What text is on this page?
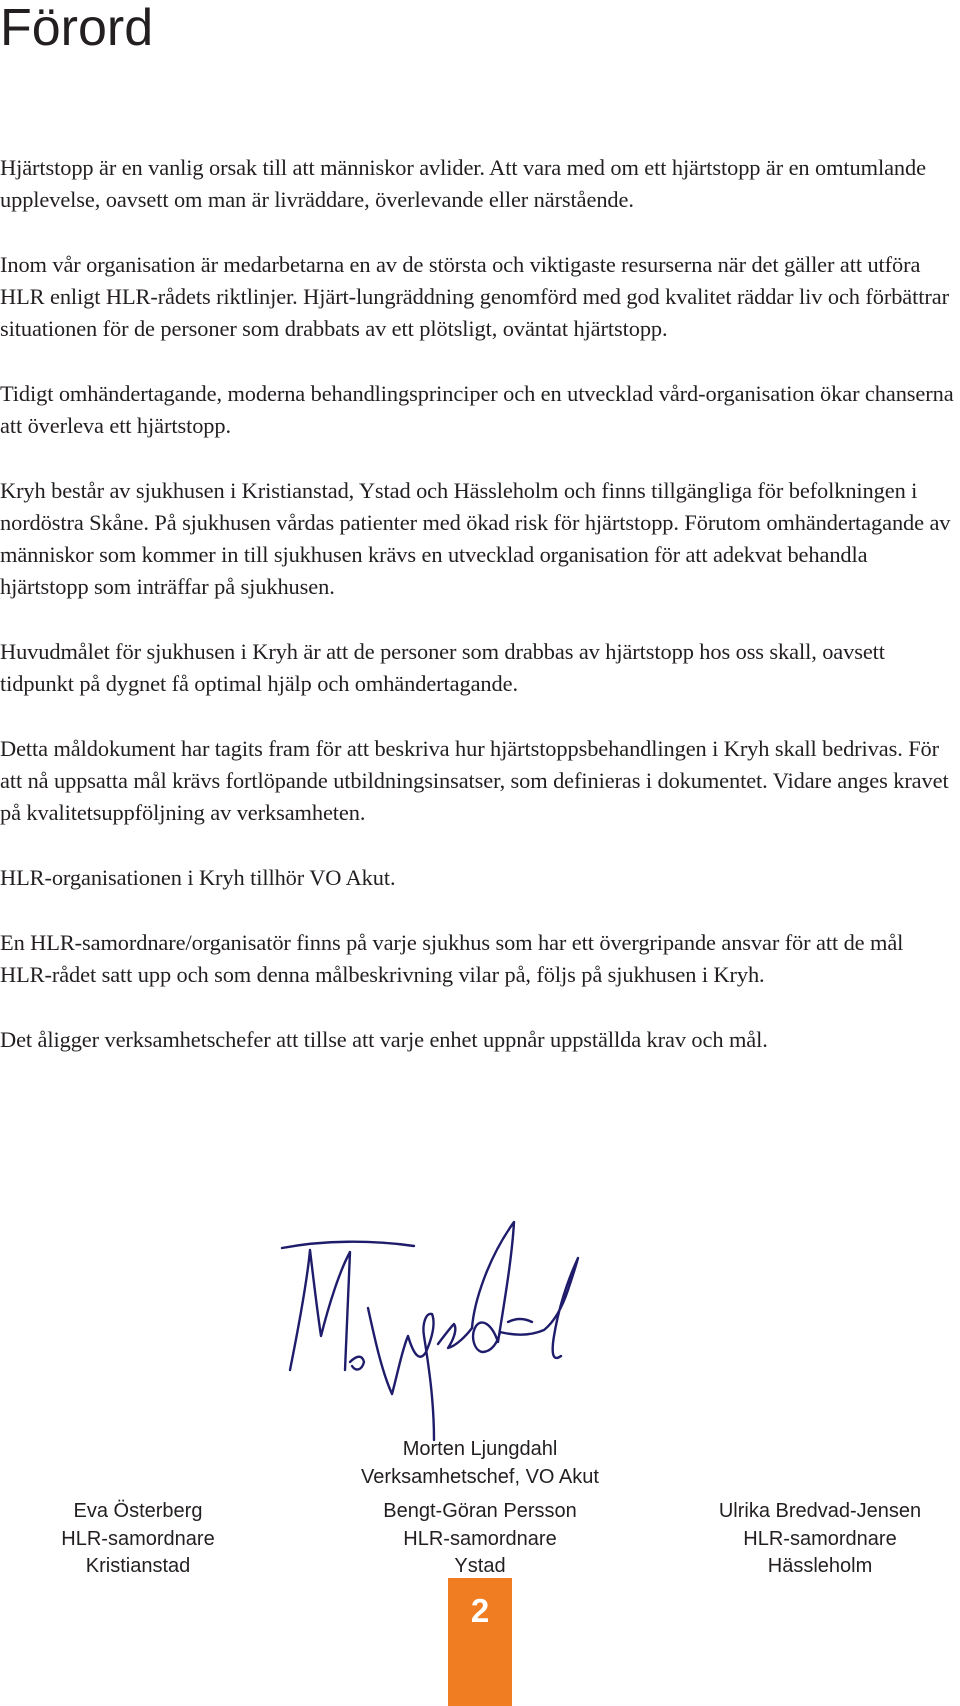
Förord

Hjärtstopp är en vanlig orsak till att människor avlider. Att vara med om ett hjärtstopp är en omtumlande upplevelse, oavsett om man är livräddare, överlevande eller närstående.

Inom vår organisation är medarbetarna en av de största och viktigaste resurserna när det gäller att utföra HLR enligt HLR-rådets riktlinjer. Hjärt-lungräddning genomförd med god kvalitet räddar liv och förbättrar situationen för de personer som drabbats av ett plötsligt, oväntat hjärtstopp.

Tidigt omhändertagande, moderna behandlingsprinciper och en utvecklad vård-organisation ökar chanserna att överleva ett hjärtstopp.

Kryh består av sjukhusen i Kristianstad, Ystad och Hässleholm och finns tillgängliga för befolkningen i nordöstra Skåne. På sjukhusen vårdas patienter med ökad risk för hjärtstopp. Förutom omhändertagande av människor som kommer in till sjukhusen krävs en utvecklad organisation för att adekvat behandla hjärtstopp som inträffar på sjukhusen.

Huvudmålet för sjukhusen i Kryh är att de personer som drabbas av hjärtstopp hos oss skall, oavsett tidpunkt på dygnet få optimal hjälp och omhändertagande.

Detta måldokument har tagits fram för att beskriva hur hjärtstoppsbehandlingen i Kryh skall bedrivas. För att nå uppsatta mål krävs fortlöpande utbildningsinsatser, som definieras i dokumentet. Vidare anges kravet på kvalitetsuppföljning av verksamheten.

HLR-organisationen i Kryh tillhör VO Akut.

En HLR-samordnare/organisatör finns på varje sjukhus som har ett övergripande ansvar för att de mål HLR-rådet satt upp och som denna målbeskrivning vilar på, följs på sjukhusen i Kryh.

Det åligger verksamhetschefer att tillse att varje enhet uppnår uppställda krav och mål.

Morten Ljungdahl
Verksamhetschef, VO Akut
Eva Österberg
HLR-samordnare
Kristianstad
Bengt-Göran Persson
HLR-samordnare
Ystad
Ulrika Bredvad-Jensen
HLR-samordnare
Hässleholm
2
